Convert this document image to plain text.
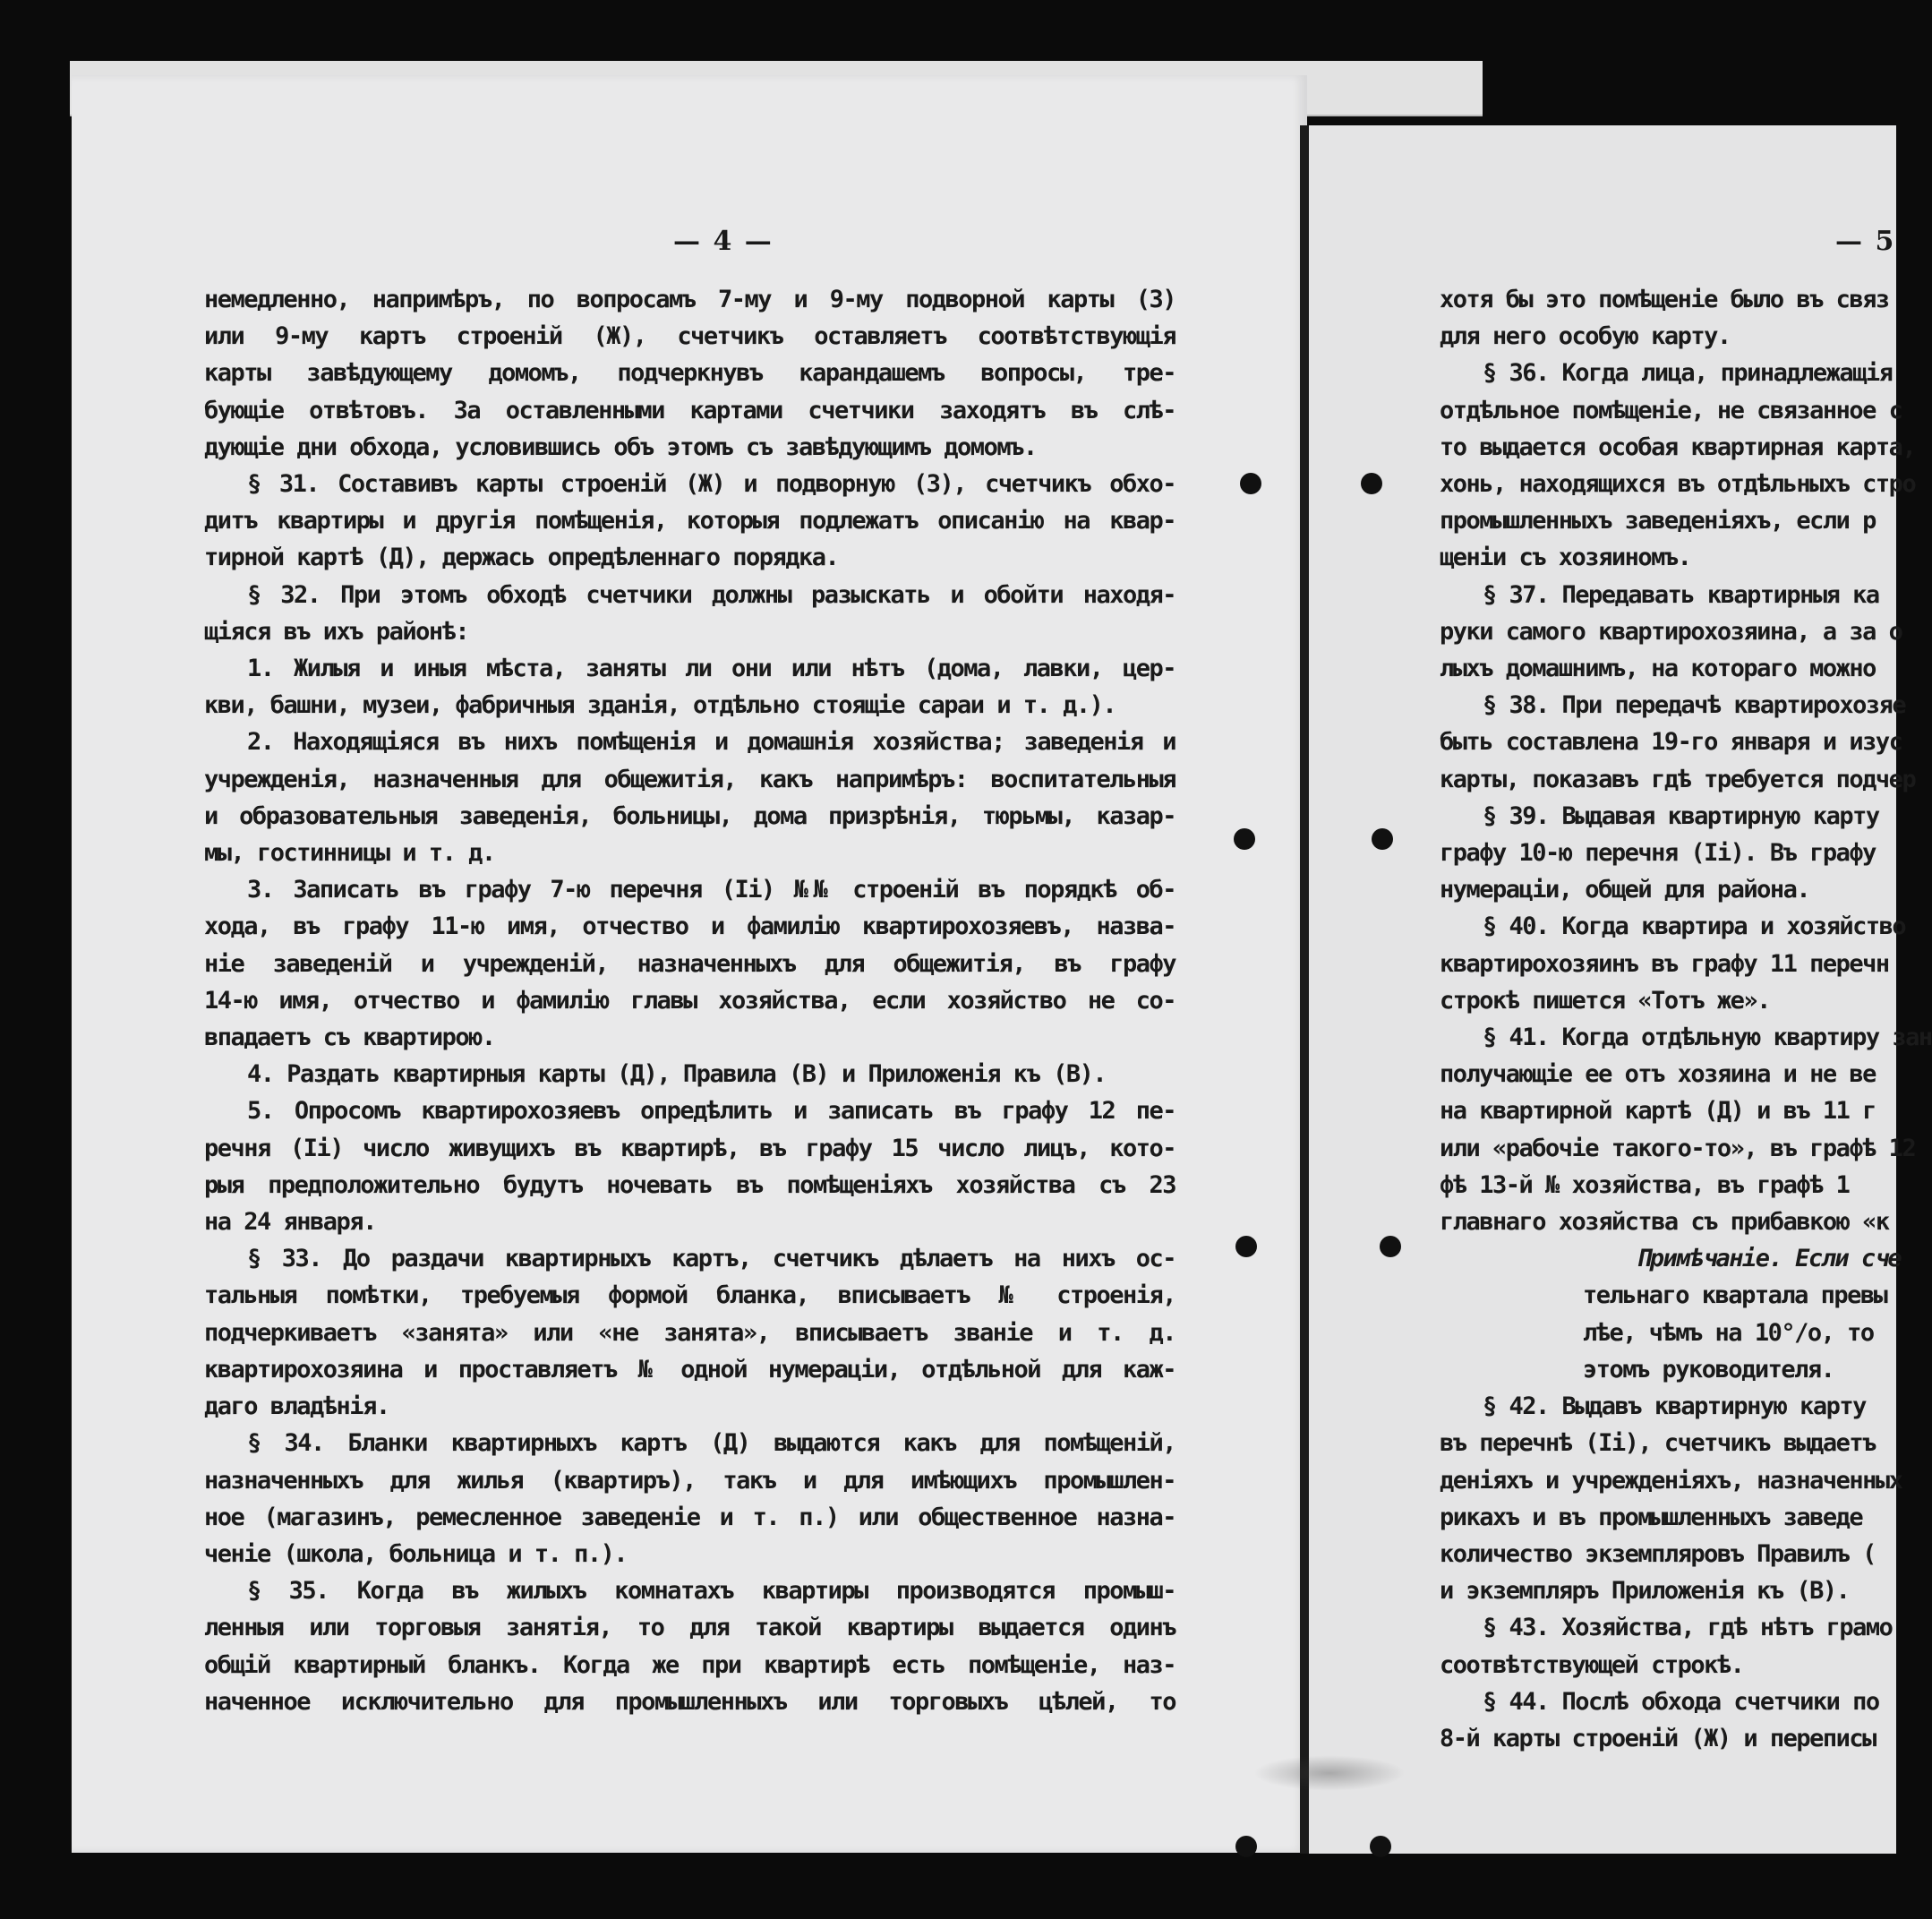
— 4 —	— 5
немедленно, напримѣръ, по вопросамъ 7-му и 9-му подворной карты (З)
или 9-му картъ строеній (Ж), счетчикъ оставляетъ соотвѣтствующія
карты завѣдующему домомъ, подчеркнувъ карандашемъ вопросы, тре-
бующіе отвѣтовъ. За оставленными картами счетчики заходятъ въ слѣ-
дующіе дни обхода, условившись объ этомъ съ завѣдующимъ домомъ.
§ 31. Составивъ карты строеній (Ж) и подворную (З), счетчикъ обхо-
дитъ квартиры и другія помѣщенія, которыя подлежатъ описанію на квар-
тирной картѣ (Д), держась опредѣленнаго порядка.
§ 32. При этомъ обходѣ счетчики должны разыскать и обойти находя-
щіяся въ ихъ районѣ:
1. Жилыя и иныя мѣста, заняты ли они или нѣтъ (дома, лавки, цер-
кви, башни, музеи, фабричныя зданія, отдѣльно стоящіе сараи и т. д.).
2. Находящіяся въ нихъ помѣщенія и домашнія хозяйства; заведенія и
учрежденія, назначенныя для общежитія, какъ напримѣръ: воспитательныя
и образовательныя заведенія, больницы, дома призрѣнія, тюрьмы, казар-
мы, гостинницы и т. д.
3. Записать въ графу 7-ю перечня (Ii) №№ строеній въ порядкѣ об-
хода, въ графу 11-ю имя, отчество и фамилію квартирохозяевъ, назва-
ніе заведеній и учрежденій, назначенныхъ для общежитія, въ графу
14-ю имя, отчество и фамилію главы хозяйства, если хозяйство не со-
впадаетъ съ квартирою.
4. Раздать квартирныя карты (Д), Правила (В) и Приложенія къ (В).
5. Опросомъ квартирохозяевъ опредѣлить и записать въ графу 12 пе-
речня (Ii) число живущихъ въ квартирѣ, въ графу 15 число лицъ, кото-
рыя предположительно будутъ ночевать въ помѣщеніяхъ хозяйства съ 23
на 24 января.
§ 33. До раздачи квартирныхъ картъ, счетчикъ дѣлаетъ на нихъ ос-
тальныя помѣтки, требуемыя формой бланка, вписываетъ № строенія,
подчеркиваетъ «занята» или «не занята», вписываетъ званіе и т. д.
квартирохозяина и проставляетъ № одной нумераціи, отдѣльной для каж-
даго владѣнія.
§ 34. Бланки квартирныхъ картъ (Д) выдаются какъ для помѣщеній,
назначенныхъ для жилья (квартиръ), такъ и для имѣющихъ промышлен-
ное (магазинъ, ремесленное заведеніе и т. п.) или общественное назна-
ченіе (школа, больница и т. п.).
§ 35. Когда въ жилыхъ комнатахъ квартиры производятся промыш-
ленныя или торговыя занятія, то для такой квартиры выдается одинъ
общій квартирный бланкъ. Когда же при квартирѣ есть помѣщеніе, наз-
наченное исключительно для промышленныхъ или торговыхъ цѣлей, то
хотя бы это помѣщеніе было въ связ
для него особую карту.
§ 36. Когда лица, принадлежащія
отдѣльное помѣщеніе, не связанное с
то выдается особая квартирная карта,
хонь, находящихся въ отдѣльныхъ стро
промышленныхъ заведеніяхъ, если р
щеніи съ хозяиномъ.
§ 37. Передавать квартирныя ка
руки самого квартирохозяина, а за о
лыхъ домашнимъ, на котораго можно
§ 38. При передачѣ квартирохозяе
быть составлена 19-го января и изус
карты, показавъ гдѣ требуется подчер
§ 39. Выдавая квартирную карту
графу 10-ю перечня (Ii). Въ графу
нумераціи, общей для района.
§ 40. Когда квартира и хозяйство
квартирохозяинъ въ графу 11 перечн
строкѣ пишется «Тотъ же».
§ 41. Когда отдѣльную квартиру зан
получающіе ее отъ хозяина и не ве
на квартирной картѣ (Д) и въ 11 г
или «рабочіе такого-то», въ графѣ 12
фѣ 13-й № хозяйства, въ графѣ 1
главнаго хозяйства съ прибавкою «к
Примѣчаніе. Если сче
тельнаго квартала превы
лѣе, чѣмъ на 10°/о, то
этомъ руководителя.
§ 42. Выдавъ квартирную карту
въ перечнѣ (Ii), счетчикъ выдаетъ
деніяхъ и учрежденіяхъ, назначенных
рикахъ и въ промышленныхъ заведе
количество экземпляровъ Правилъ (
и экземпляръ Приложенія къ (В).
§ 43. Хозяйства, гдѣ нѣтъ грамо
соотвѣтствующей строкѣ.
§ 44. Послѣ обхода счетчики по
8-й карты строеній (Ж) и переписы
